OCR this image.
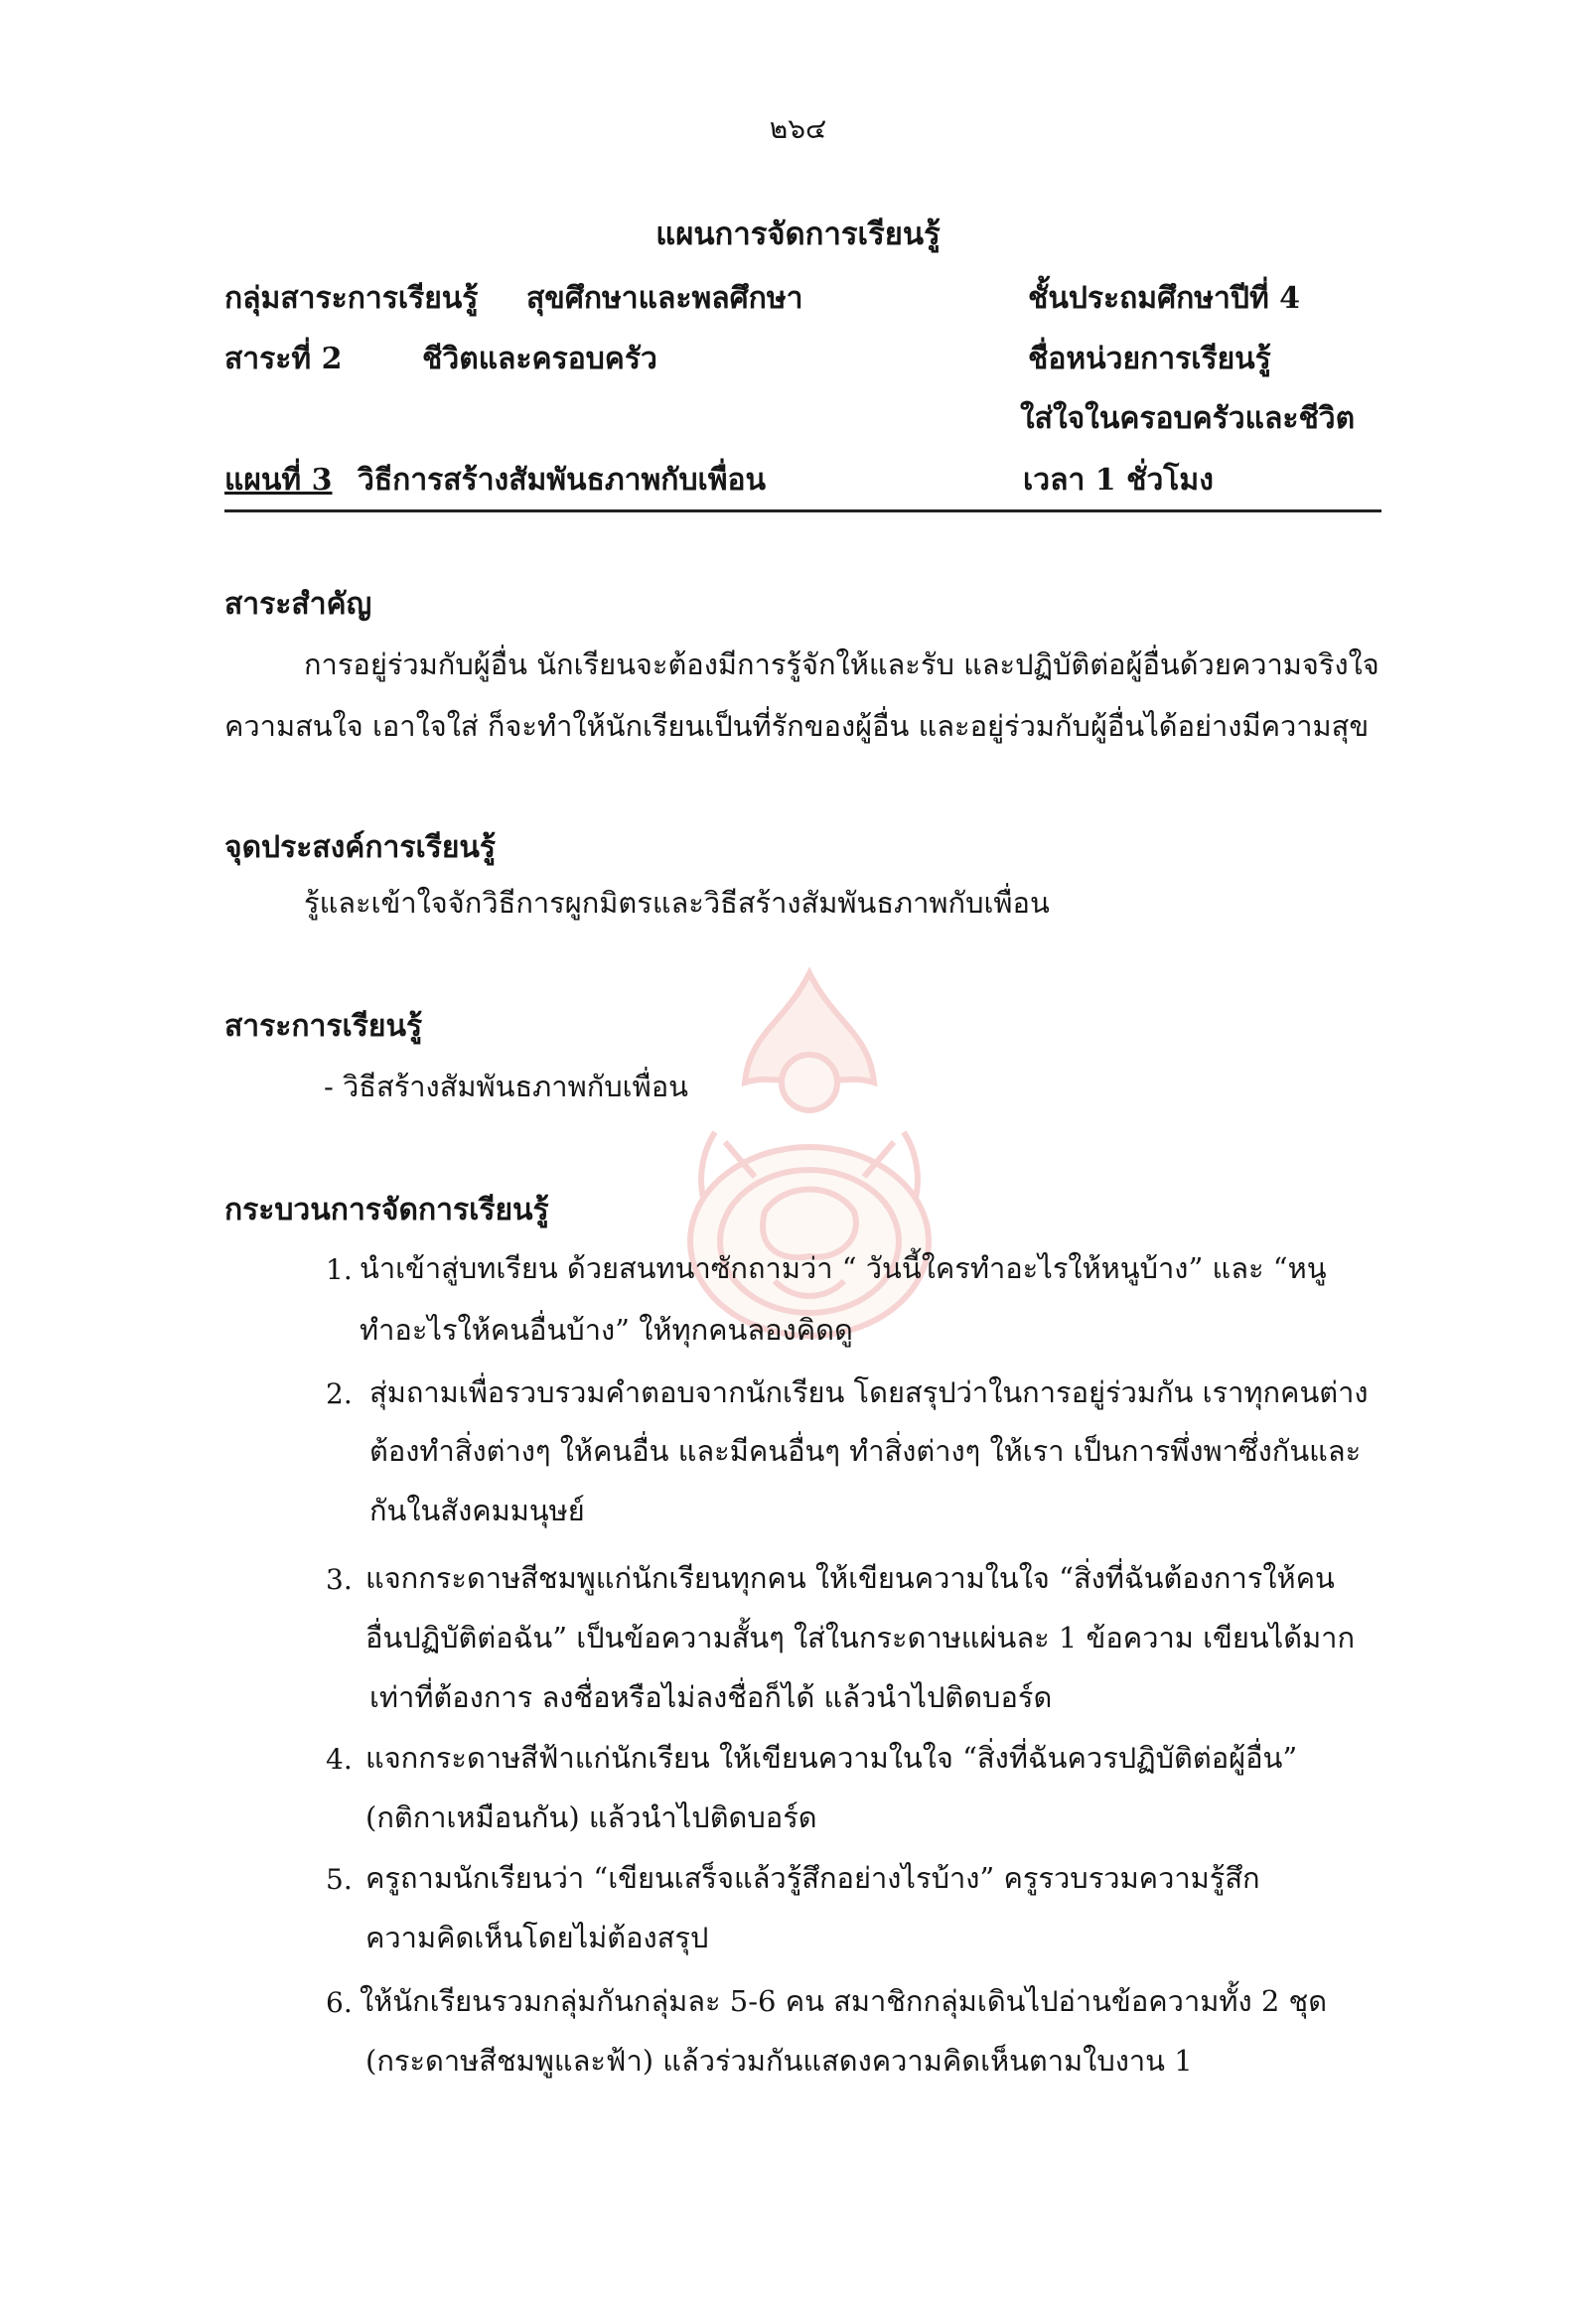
๒๖๔
แผนการจัดการเรียนรู้
กลุ่มสาระการเรียนรู้ สุขศึกษาและพลศึกษา	ชั้นประถมศึกษาปีที่ 4
สาระที่ 2	ชีวิตและครอบครัว	ชื่อหน่วยการเรียนรู้
ใส่ใจในครอบครัวและชีวิต
แผนที่ 3 วิธีการสร้างสัมพันธภาพกับเพื่อน	เวลา 1 ชั่วโมง
สาระสำคัญ
การอยู่ร่วมกับผู้อื่น นักเรียนจะต้องมีการรู้จักให้และรับ และปฏิบัติต่อผู้อื่นด้วยความจริงใจ
ความสนใจ เอาใจใส่ ก็จะทำให้นักเรียนเป็นที่รักของผู้อื่น และอยู่ร่วมกับผู้อื่นได้อย่างมีความสุข
จุดประสงค์การเรียนรู้
รู้และเข้าใจจักวิธีการผูกมิตรและวิธีสร้างสัมพันธภาพกับเพื่อน
สาระการเรียนรู้
- วิธีสร้างสัมพันธภาพกับเพื่อน
กระบวนการจัดการเรียนรู้
1. นำเข้าสู่บทเรียน ด้วยสนทนาซักถามว่า “ วันนี้ใครทำอะไรให้หนูบ้าง” และ “หนู
ทำอะไรให้คนอื่นบ้าง” ให้ทุกคนลองคิดดู
2. สุ่มถามเพื่อรวบรวมคำตอบจากนักเรียน โดยสรุปว่าในการอยู่ร่วมกัน เราทุกคนต่าง
ต้องทำสิ่งต่างๆ ให้คนอื่น และมีคนอื่นๆ ทำสิ่งต่างๆ ให้เรา เป็นการพึ่งพาซึ่งกันและ
กันในสังคมมนุษย์
3. แจกกระดาษสีชมพูแก่นักเรียนทุกคน ให้เขียนความในใจ “สิ่งที่ฉันต้องการให้คน
อื่นปฏิบัติต่อฉัน” เป็นข้อความสั้นๆ ใส่ในกระดาษแผ่นละ 1 ข้อความ เขียนได้มาก
เท่าที่ต้องการ ลงชื่อหรือไม่ลงชื่อก็ได้ แล้วนำไปติดบอร์ด
4. แจกกระดาษสีฟ้าแก่นักเรียน ให้เขียนความในใจ “สิ่งที่ฉันควรปฏิบัติต่อผู้อื่น”
(กติกาเหมือนกัน) แล้วนำไปติดบอร์ด
5. ครูถามนักเรียนว่า “เขียนเสร็จแล้วรู้สึกอย่างไรบ้าง” ครูรวบรวมความรู้สึก
ความคิดเห็นโดยไม่ต้องสรุป
6. ให้นักเรียนรวมกลุ่มกันกลุ่มละ 5-6 คน สมาชิกกลุ่มเดินไปอ่านข้อความทั้ง 2 ชุด
(กระดาษสีชมพูและฟ้า) แล้วร่วมกันแสดงความคิดเห็นตามใบงาน 1
